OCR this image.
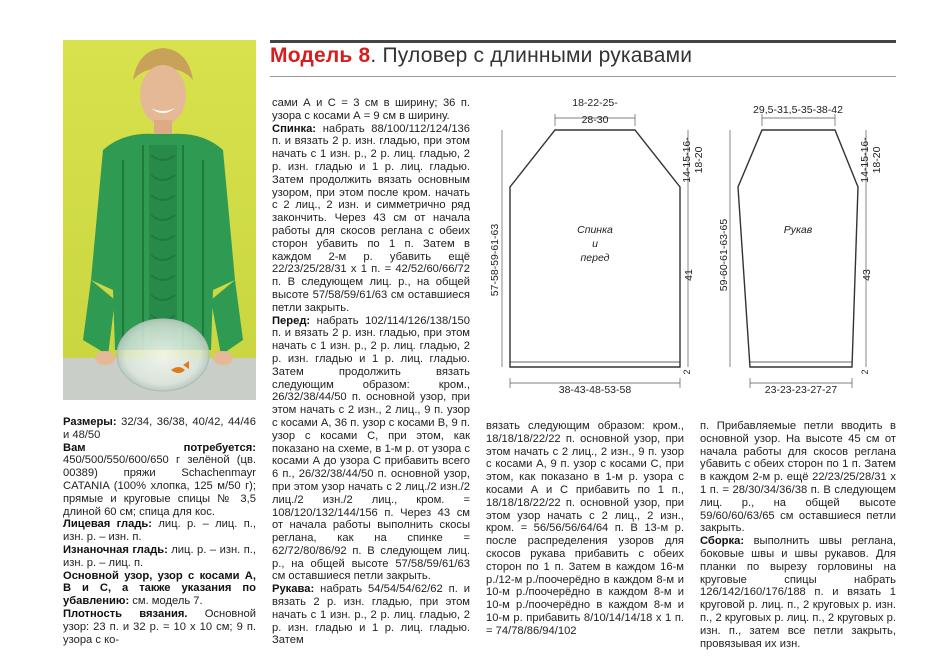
Модель 8. Пуловер с длинными рукавами

Размеры: 32/34, 36/38, 40/42, 44/46 и 48/50

Вам потребуется: 450/500/550/600/650 г зелёной (цв. 00389) пряжи Schachenmayr CATANIA (100% хлопка, 125 м/50 г); прямые и круговые спицы № 3,5 длиной 60 см; спица для кос.

Лицевая гладь: лиц. р. – лиц. п., изн. р. – изн. п.

Изнаночная гладь: лиц. р. – изн. п., изн. р. – лиц. п.

Основной узор, узор с косами А, В и С, а также указания по убавлению: см. модель 7.

Плотность вязания. Основной узор: 23 п. и 32 р. = 10 х 10 см; 9 п. узора с ко-

сами А и С = 3 см в ширину; 36 п. узора с косами А = 9 см в ширину.

Спинка: набрать 88/100/112/124/136 п. и вязать 2 р. изн. гладью, при этом начать с 1 изн. р., 2 р. лиц. гладью, 2 р. изн. гладью и 1 р. лиц. гладью. Затем продолжить вязать основным узором, при этом после кром. начать с 2 лиц., 2 изн. и симметрично ряд закончить. Через 43 см от начала работы для скосов реглана с обеих сторон убавить по 1 п. Затем в каждом 2-м р. убавить ещё 22/23/25/28/31 х 1 п. = 42/52/60/66/72 п. В следующем лиц. р., на общей высоте 57/58/59/61/63 см оставшиеся петли закрыть.

Перед: набрать 102/114/126/138/150 п. и вязать 2 р. изн. гладью, при этом начать с 1 изн. р., 2 р. лиц. гладью, 2 р. изн. гладью и 1 р. лиц. гладью. Затем продолжить вязать следующим образом: кром., 26/32/38/44/50 п. основной узор, при этом начать с 2 изн., 2 лиц., 9 п. узор с косами А, 36 п. узор с косами В, 9 п. узор с косами С, при этом, как показано на схеме, в 1-м р. от узора с косами А до узора С прибавить всего 6 п., 26/32/38/44/50 п. основной узор, при этом узор начать с 2 лиц./2 изн./2 лиц./2 изн./2 лиц., кром. = 108/120/132/144/156 п. Через 43 см от начала работы выполнить скосы реглана, как на спинке = 62/72/80/86/92 п. В следующем лиц. р., на общей высоте 57/58/59/61/63 см оставшиеся петли закрыть.

Рукава: набрать 54/54/54/62/62 п. и вязать 2 р. изн. гладью, при этом начать с 1 изн. р., 2 р. лиц. гладью, 2 р. изн. гладью и 1 р. лиц. гладью. Затем

18-22-25-
28-30
38-43-48-53-58
57-58-59-61-63
14-15-16- 18-20
41
2
Спинка
и
перед
29,5-31,5-35-38-42
23-23-23-27-27
59-60-61-63-65
14-15-16- 18-20
43
2
Рукав

вязать следующим образом: кром., 18/18/18/22/22 п. основной узор, при этом начать с 2 лиц., 2 изн., 9 п. узор с косами А, 9 п. узор с косами С, при этом, как показано в 1-м р. узора с косами А и С прибавить по 1 п., 18/18/18/22/22 п. основной узор, при этом узор начать с 2 лиц., 2 изн., кром. = 56/56/56/64/64 п. В 13-м р. после распределения узоров для скосов рукава прибавить с обеих сторон по 1 п. Затем в каждом 16-м р./12-м р./поочерёдно в каждом 8-м и 10-м р./поочерёдно в каждом 8-м и 10-м р./поочерёдно в каждом 8-м и 10-м р. прибавить 8/10/14/14/18 х 1 п. = 74/78/86/94/102

п. Прибавляемые петли вводить в основной узор. На высоте 45 см от начала работы для скосов реглана убавить с обеих сторон по 1 п. Затем в каждом 2-м р. ещё 22/23/25/28/31 х 1 п. = 28/30/34/36/38 п. В следующем лиц. р., на общей высоте 59/60/60/63/65 см оставшиеся петли закрыть.

Сборка: выполнить швы реглана, боковые швы и швы рукавов. Для планки по вырезу горловины на круговые спицы набрать 126/142/160/176/188 п. и вязать 1 круговой р. лиц. п., 2 круговых р. изн. п., 2 круговых р. лиц. п., 2 круговых р. изн. п., затем все петли закрыть, провязывая их изн.
